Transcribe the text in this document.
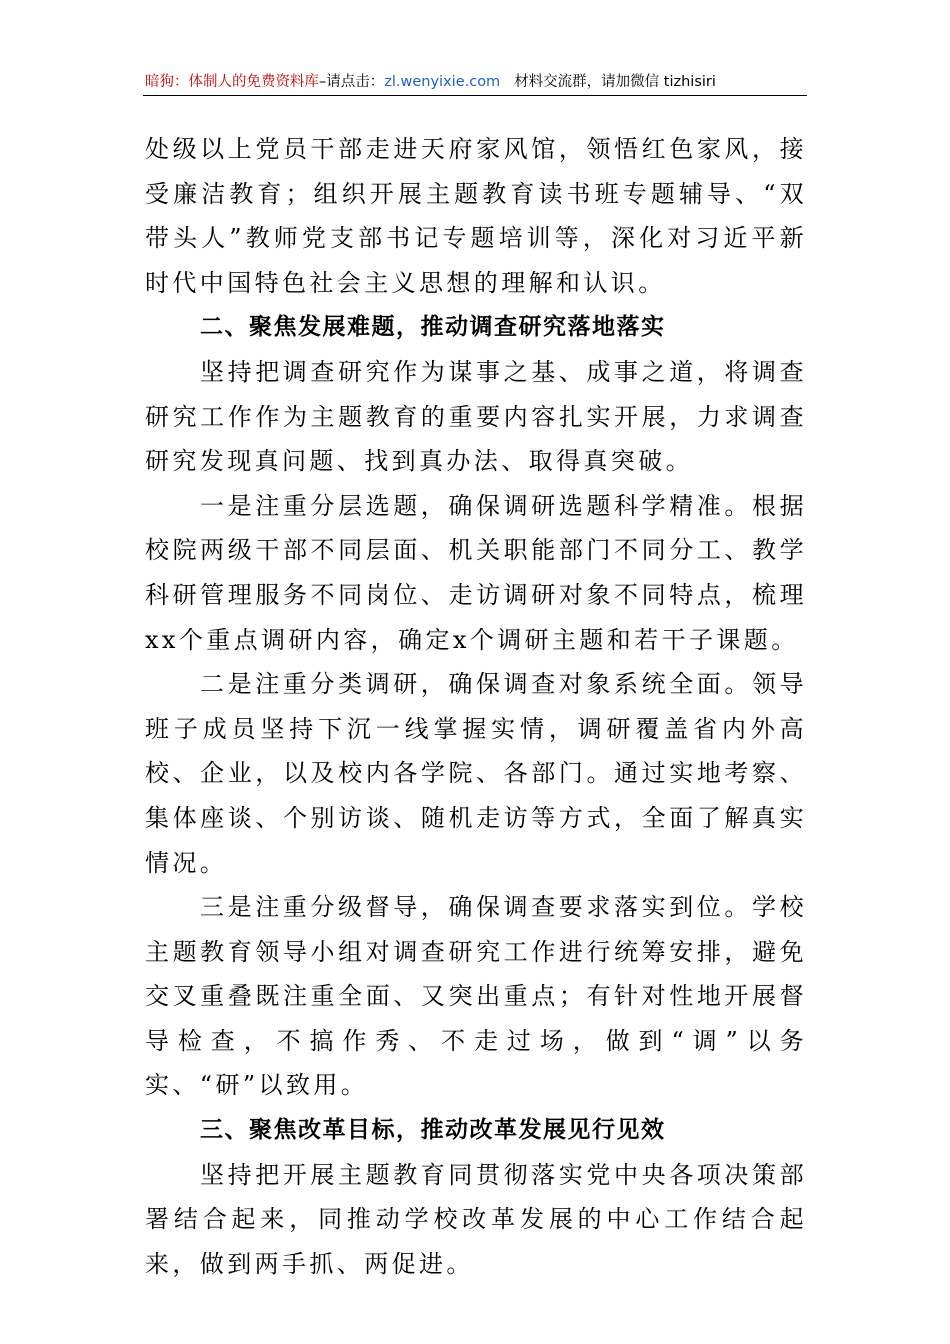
暗狗：体制人的免费资料库–请点击：zl.wenyixie.com 材料交流群，请加微信 tizhisiri

处级以上党员干部走进天府家风馆，领悟红色家风，接受廉洁教育；组织开展主题教育读书班专题辅导、“双带头人”教师党支部书记专题培训等，深化对习近平新时代中国特色社会主义思想的理解和认识。

二、聚焦发展难题，推动调查研究落地落实

坚持把调查研究作为谋事之基、成事之道，将调查研究工作作为主题教育的重要内容扎实开展，力求调查研究发现真问题、找到真办法、取得真突破。

一是注重分层选题，确保调研选题科学精准。根据校院两级干部不同层面、机关职能部门不同分工、教学科研管理服务不同岗位、走访调研对象不同特点，梳理xx个重点调研内容，确定x个调研主题和若干子课题。

二是注重分类调研，确保调查对象系统全面。领导班子成员坚持下沉一线掌握实情，调研覆盖省内外高校、企业，以及校内各学院、各部门。通过实地考察、集体座谈、个别访谈、随机走访等方式，全面了解真实情况。

三是注重分级督导，确保调查要求落实到位。学校主题教育领导小组对调查研究工作进行统筹安排，避免交叉重叠既注重全面、又突出重点；有针对性地开展督导检查，不搞作秀、不走过场，做到“调”以务实、“研”以致用。

三、聚焦改革目标，推动改革发展见行见效

坚持把开展主题教育同贯彻落实党中央各项决策部署结合起来，同推动学校改革发展的中心工作结合起来，做到两手抓、两促进。
